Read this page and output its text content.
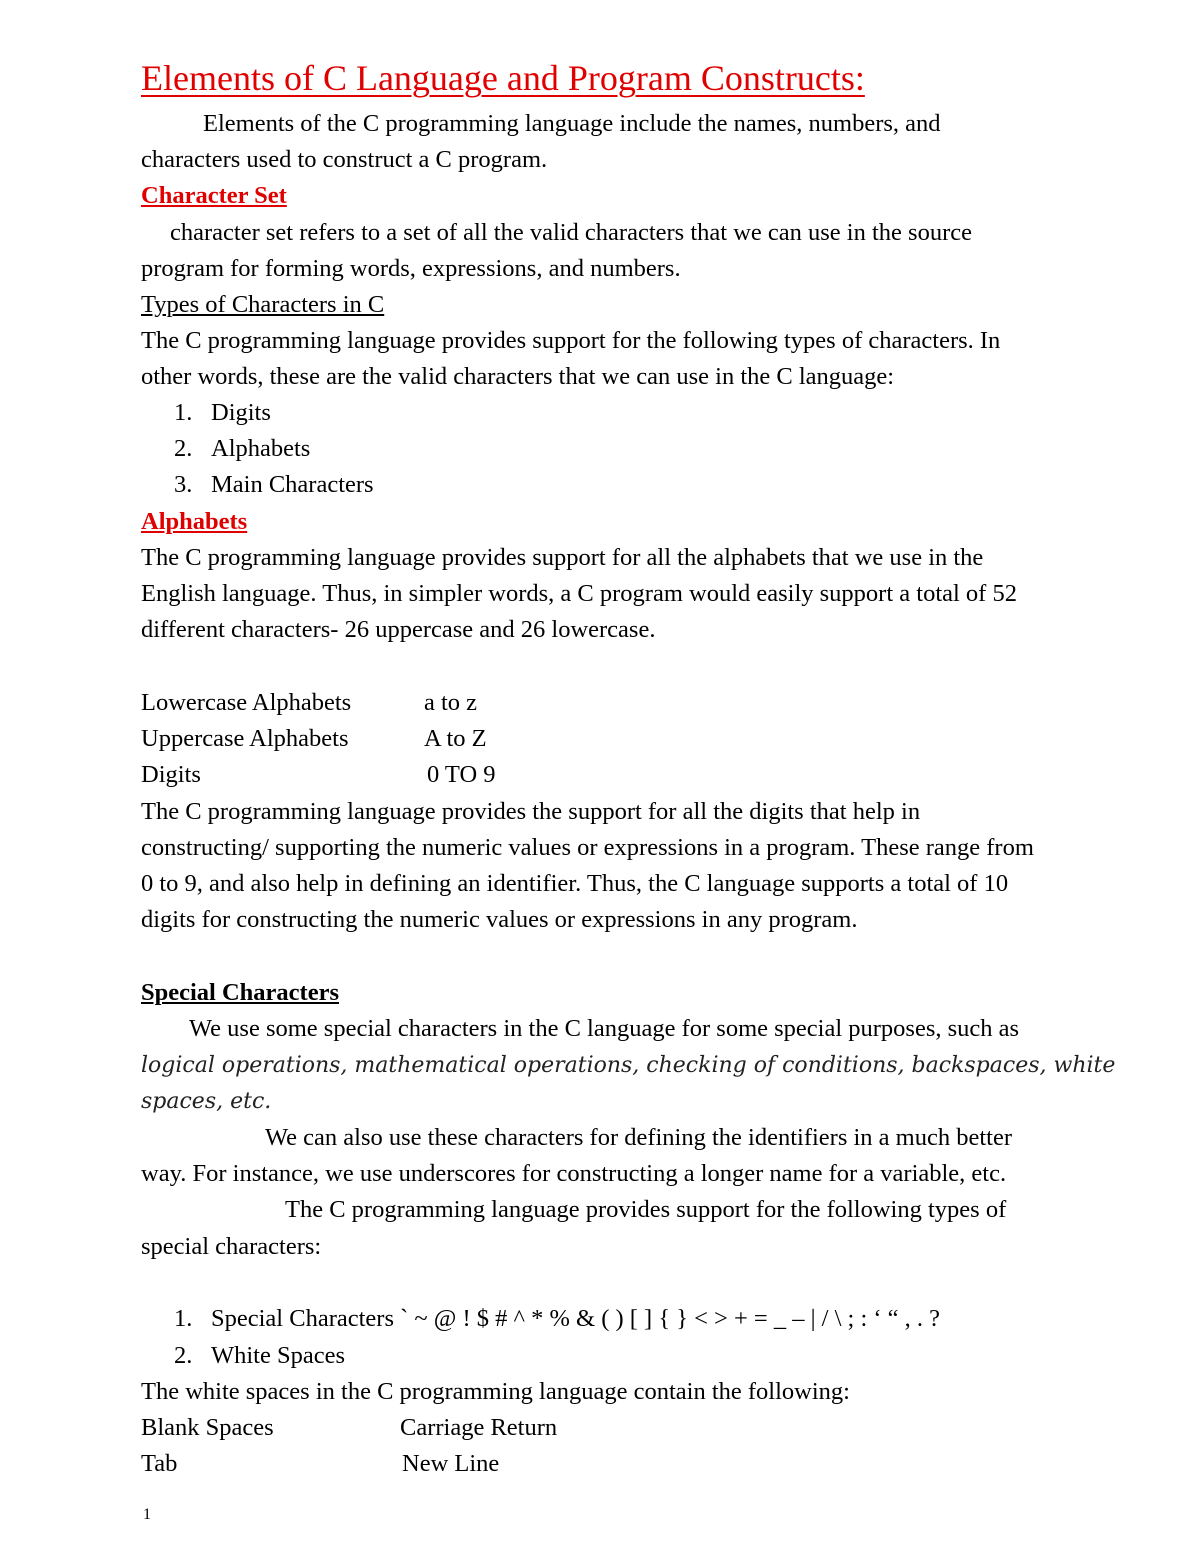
Elements of C Language and Program Constructs:
Elements of the C programming language include the names, numbers, and
characters used to construct a C program.
Character Set
character set refers to a set of all the valid characters that we can use in the source
program for forming words, expressions, and numbers.
Types of Characters in C
The C programming language provides support for the following types of characters. In
other words, these are the valid characters that we can use in the C language:
1. Digits
2. Alphabets
3. Main Characters
Alphabets
The C programming language provides support for all the alphabets that we use in the
English language. Thus, in simpler words, a C program would easily support a total of 52
different characters- 26 uppercase and 26 lowercase.
Lowercase Alphabets	a to z
Uppercase Alphabets	A to Z
Digits	0 TO 9
The C programming language provides the support for all the digits that help in
constructing/ supporting the numeric values or expressions in a program. These range from
0 to 9, and also help in defining an identifier. Thus, the C language supports a total of 10
digits for constructing the numeric values or expressions in any program.
Special Characters
We use some special characters in the C language for some special purposes, such as
logical operations, mathematical operations, checking of conditions, backspaces, white
spaces, etc.
We can also use these characters for defining the identifiers in a much better
way. For instance, we use underscores for constructing a longer name for a variable, etc.
The C programming language provides support for the following types of
special characters:
1. Special Characters ` ~ @ ! $ # ^ * % & ( ) [ ] { } < > + = _ – | / \ ; : ‘ “ , . ?
2. White Spaces
The white spaces in the C programming language contain the following:
Blank Spaces	Carriage Return
Tab	New Line
1
